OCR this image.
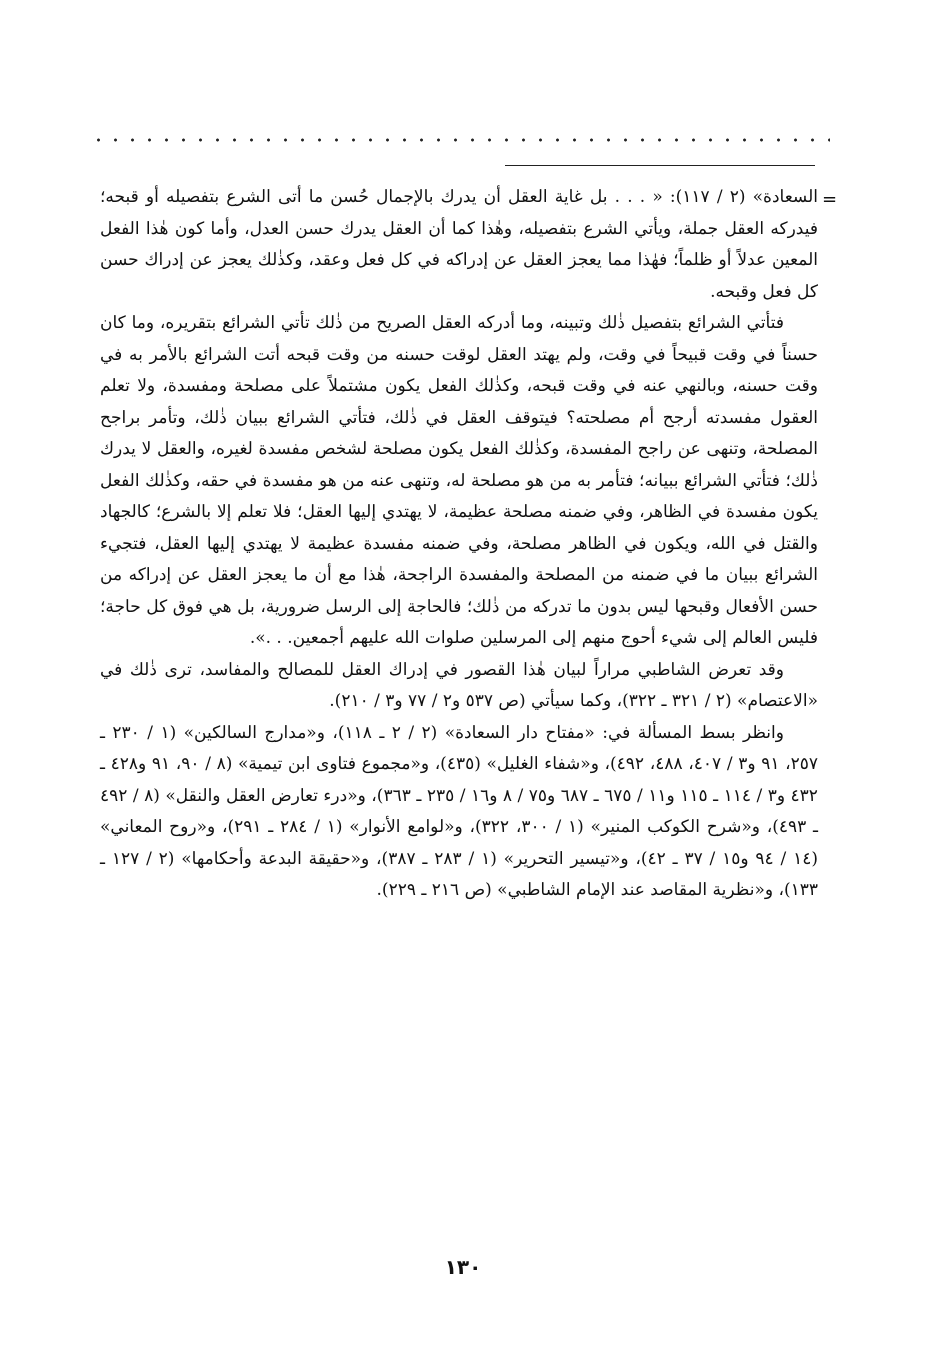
=

السعادة» (٢ / ١١٧): « . . . بل غاية العقل أن يدرك بالإجمال حُسن ما أتى الشرع بتفصيله أو قبحه؛ فيدركه العقل جملة، ويأتي الشرع بتفصيله، وهٰذا كما أن العقل يدرك حسن العدل، وأما كون هٰذا الفعل المعين عدلاً أو ظلماً؛ فهٰذا مما يعجز العقل عن إدراكه في كل فعل وعقد، وكذٰلك يعجز عن إدراك حسن كل فعل وقبحه.

فتأتي الشرائع بتفصيل ذٰلك وتبينه، وما أدركه العقل الصريح من ذٰلك تأتي الشرائع بتقريره، وما كان حسناً في وقت قبيحاً في وقت، ولم يهتد العقل لوقت حسنه من وقت قبحه أتت الشرائع بالأمر به في وقت حسنه، وبالنهي عنه في وقت قبحه، وكذٰلك الفعل يكون مشتملاً على مصلحة ومفسدة، ولا تعلم العقول مفسدته أرجح أم مصلحته؟ فيتوقف العقل في ذٰلك، فتأتي الشرائع ببيان ذٰلك، وتأمر براجح المصلحة، وتنهى عن راجح المفسدة، وكذٰلك الفعل يكون مصلحة لشخص مفسدة لغيره، والعقل لا يدرك ذٰلك؛ فتأتي الشرائع ببيانه؛ فتأمر به من هو مصلحة له، وتنهى عنه من هو مفسدة في حقه، وكذٰلك الفعل يكون مفسدة في الظاهر، وفي ضمنه مصلحة عظيمة، لا يهتدي إليها العقل؛ فلا تعلم إلا بالشرع؛ كالجهاد والقتل في الله، ويكون في الظاهر مصلحة، وفي ضمنه مفسدة عظيمة لا يهتدي إليها العقل، فتجيء الشرائع ببيان ما في ضمنه من المصلحة والمفسدة الراجحة، هٰذا مع أن ما يعجز العقل عن إدراكه من حسن الأفعال وقبحها ليس بدون ما تدركه من ذٰلك؛ فالحاجة إلى الرسل ضرورية، بل هي فوق كل حاجة؛ فليس العالم إلى شيء أحوج منهم إلى المرسلين صلوات الله عليهم أجمعين. . .».

وقد تعرض الشاطبي مراراً لبيان هٰذا القصور في إدراك العقل للمصالح والمفاسد، ترى ذٰلك في «الاعتصام» (٢ / ٣٢١ ـ ٣٢٢)، وكما سيأتي (ص ٥٣٧ و٢ / ٧٧ و٣ / ٢١٠).

وانظر بسط المسألة في: «مفتاح دار السعادة» (٢ / ٢ ـ ١١٨)، و«مدارج السالكين» (١ / ٢٣٠ ـ ٢٥٧، ٩١ و٣ / ٤٠٧، ٤٨٨، ٤٩٢)، و«شفاء الغليل» (٤٣٥)، و«مجموع فتاوى ابن تيمية» (٨ / ٩٠، ٩١ و٤٢٨ ـ ٤٣٢ و٣ / ١١٤ ـ ١١٥ و١١ / ٦٧٥ ـ ٦٨٧ و٧٥ / ٨ و١٦ / ٢٣٥ ـ ٣٦٣)، و«درء تعارض العقل والنقل» (٨ / ٤٩٢ ـ ٤٩٣)، و«شرح الكوكب المنير» (١ / ٣٠٠، ٣٢٢)، و«لوامع الأنوار» (١ / ٢٨٤ ـ ٢٩١)، و«روح المعاني» (١٤ / ٩٤ و١٥ / ٣٧ ـ ٤٢)، و«تيسير التحرير» (١ / ٢٨٣ ـ ٣٨٧)، و«حقيقة البدعة وأحكامها» (٢ / ١٢٧ ـ ١٣٣)، و«نظرية المقاصد عند الإمام الشاطبي» (ص ٢١٦ ـ ٢٢٩).

١٣٠
